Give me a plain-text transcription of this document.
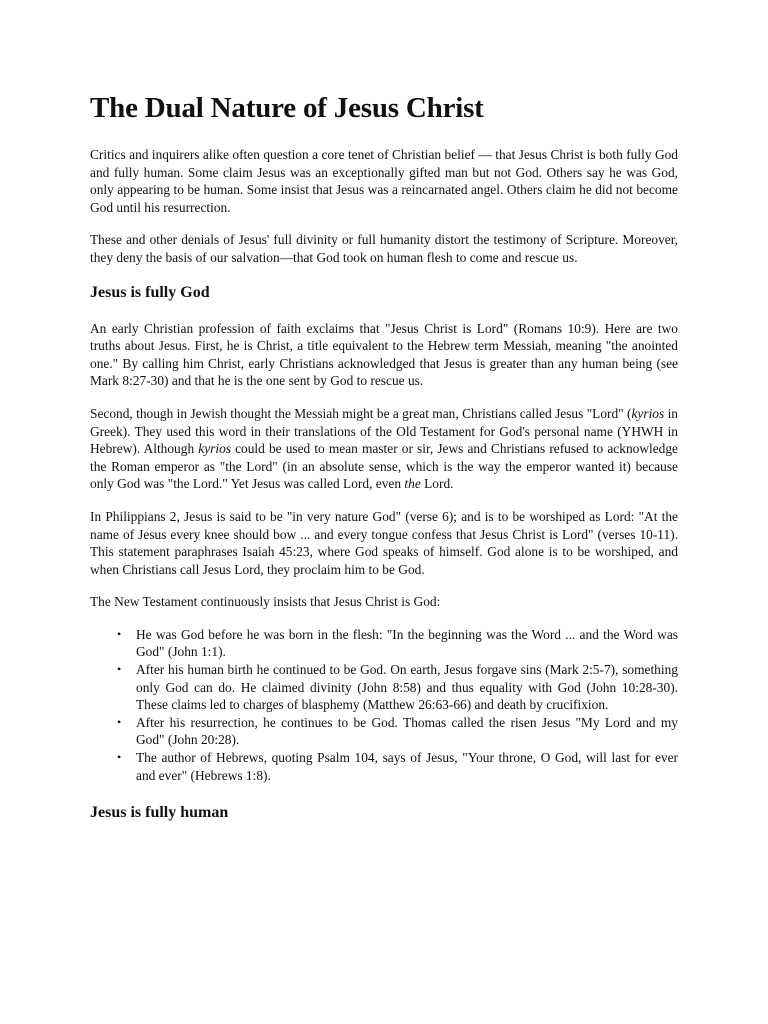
The Dual Nature of Jesus Christ

Critics and inquirers alike often question a core tenet of Christian belief — that Jesus Christ is both fully God and fully human. Some claim Jesus was an exceptionally gifted man but not God. Others say he was God, only appearing to be human. Some insist that Jesus was a reincarnated angel. Others claim he did not become God until his resurrection.

These and other denials of Jesus' full divinity or full humanity distort the testimony of Scripture. Moreover, they deny the basis of our salvation—that God took on human flesh to come and rescue us.

Jesus is fully God

An early Christian profession of faith exclaims that "Jesus Christ is Lord" (Romans 10:9). Here are two truths about Jesus. First, he is Christ, a title equivalent to the Hebrew term Messiah, meaning "the anointed one." By calling him Christ, early Christians acknowledged that Jesus is greater than any human being (see Mark 8:27-30) and that he is the one sent by God to rescue us.

Second, though in Jewish thought the Messiah might be a great man, Christians called Jesus "Lord" (kyrios in Greek). They used this word in their translations of the Old Testament for God's personal name (YHWH in Hebrew). Although kyrios could be used to mean master or sir, Jews and Christians refused to acknowledge the Roman emperor as "the Lord" (in an absolute sense, which is the way the emperor wanted it) because only God was "the Lord." Yet Jesus was called Lord, even the Lord.

In Philippians 2, Jesus is said to be "in very nature God" (verse 6); and is to be worshiped as Lord: "At the name of Jesus every knee should bow ... and every tongue confess that Jesus Christ is Lord" (verses 10-11). This statement paraphrases Isaiah 45:23, where God speaks of himself. God alone is to be worshiped, and when Christians call Jesus Lord, they proclaim him to be God.

The New Testament continuously insists that Jesus Christ is God:

• He was God before he was born in the flesh: "In the beginning was the Word ... and the Word was God" (John 1:1).
• After his human birth he continued to be God. On earth, Jesus forgave sins (Mark 2:5-7), something only God can do. He claimed divinity (John 8:58) and thus equality with God (John 10:28-30). These claims led to charges of blasphemy (Matthew 26:63-66) and death by crucifixion.
• After his resurrection, he continues to be God. Thomas called the risen Jesus "My Lord and my God" (John 20:28).
• The author of Hebrews, quoting Psalm 104, says of Jesus, "Your throne, O God, will last for ever and ever" (Hebrews 1:8).
Jesus is fully human
